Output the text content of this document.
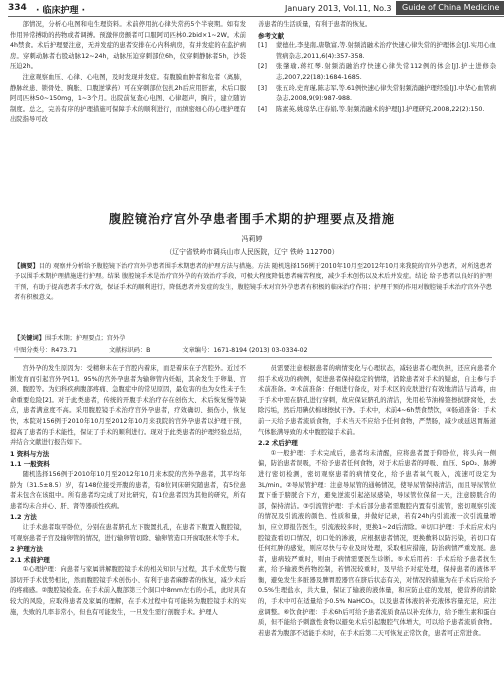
334 · 临床护理 ·	January 2013, Vol.11, No.3	Guide of China Medicine

部情况，分析心电图和电生理资料。术前停用抗心律失常药5个半衰期。如有发作用异常搏助的药物或者调搏。预激伴房颤者可口服阿司匹林0.2bid×1~2W。术前4h禁食。术后护理要注意，无并发症的患者安排在心内科病房，有并发症的在监护病房。穿刺动脉者右股动脉12~24h，动脉压迫穿刺部位6h，仪穿刺静脉者5h，沙袋压迫2h。

注意观察血压、心律、心电图，及时发现并发症。有腹膜血肿者和危者（离肺，静脉丝患、锁骨处、胸胀、口腹逆掌药）可在穿刺部位包扎2h后应用肝素，术后口服阿司匹林50~150mg，1~3个月。出院前复查心电图、心律超声，胸片，建立随访制度。总之，完善有序的护理措施可保障手术的顺利进行，而缜密细心的心理护理有出院指导可改

善患者的生活质量，有利于患者的恢复。

参考文献
[1]	蒙德仕,李斐南,唐敬富,等.射频消融术治疗快速心律失常的护理体会[J].实用心血管病杂志,2011,6(4):357-358.
[2]	张肇瑜,蒋红琴.射频消融治疗快速心律失常112例的体会[J].护士进修杂志,2007,22(18):1684-1685.
[3]	张五玲,史育瑾,陈志军,等.61例快速心律失常射频消融护理经验[J].中华心血管病杂志,2008,9(9):987-988.
[4]	陈素英,姚琼华,庄春娟,等.射频消融术的护理[J].护理研究,2008,22(2):150.
腹腔镜治疗宫外孕患者围手术期的护理要点及措施
冯莉婷
（辽宁省铁岭市调兵山市人民医院，辽宁 铁岭 112700）
【摘要】目的 观察并分析给予腹腔镜下治疗宫外孕患者围手术期患者的护理方法与措施。方法 随机选择156例于2010年10月至2012年10月来我院的宫外孕患者，对所选患者予以围手术期护理措施进行护理。结果 腹腔镜手术是治疗宫外孕的有效治疗手段，可极大程度降低患者痛苦程度，减少手术创伤以及术后并发症。结论 给予患者以良好的护理干预，有助于提高患者手术疗效，保证手术的顺利进行，降低患者并发症的发生，腹腔镜手术对宫外孕患者有积极的临床治疗作用；护理干预的作用对腹腔镜手术治疗宫外孕患者有积极意义。
【关键词】围手术期；护理要点；宫外孕
中图分类号：R473.71	文献标识码：B	文章编号：1671-8194 (2013) 03-0334-02

宫外孕的发生原因为：受精卵未在子宫腔内着床，而是着床在子宫腔外。近过不断发育而引起宫外孕[1]。95%的宫外孕患者为输卵管内妊娠，其余发生于卵巢、宫颈、腹腔等。为妇科疾病腹部疼痛、急腹症中的常见原因，最危害的也为女性未子生命重要危险[2]。对于此类患者，传统的开腹手术治疗存在创伤大、术后恢复慢等缺点，患者满意度不高。采用腹腔镜手术治疗宫外孕患者，疗效确切、损伤小，恢复快，本院对156例于2010年10月至2012年10月来我院的宫外孕患者以护理干预，提高了患者的手术能性，保证了手术的顺利进行。现对于此类患者的护理经验总结，并结合文献进行报告如下。

1 资料与方法
1.1 一般资料

随机选择156例于2010年10月至2012年10月来本院的宫外孕患者，其平均年龄为（31.5±8.5）岁，有148位接受开腹的患者，有8位同床研究随患者，有5位患者未包含在该组中。所有患者均完成了对比研究，有1位患者因为其他的研究，所有患者均未合并心、肝、肾等器质性疾病。

1.2 方法

让手术患者取平卧位，分别在患者脐孔左下腹置扎孔，在患者下腹置入腹腔镜，可观察患者子宫及输卵管的情况，进行输卵管切除、输卵管造口开窗取胚术等手术。

2 护理方法
2.1 术前护理

①心理护理：向患者与家属讲解腹腔镜手术的相关知识与过程，其手术优势与腹部切开手术优势相比，然而腹腔镜手术创伤小、有利于患者麻醉者的恢复，减少术后的疼痛感。②腹腔镜检查。在手术前入腹部第三个洞口中8mm左右的小孔，此时具有较大的风险，应取得患者及家属的理解，在手术过程中有可能转为腹腔镜手术的实施，失败的几率非常小，但也有可能发生，一旦发生需行剖腹手术。护理人

员需要注意根据患者的病情变化与心理状态，减轻患者心理负担，还应向患者介绍手术成功的病例，促进患者保持稳定的情绪，消除患者对手术的疑虑，自主参与手术前准备。②术前准备：仔细进行备皮，对手术区的皮肤进行有效地清洁与消毒，由于手术中需在脐孔进行穿刺，故应保证脐孔的清洁，先用松节油棉签擦拭脐窝处，去除污垢，然后用碘伏棉球擦拭干净。手术中，术前4~6h禁食禁饮，④肠道准备：手术前一天给予患者流质食物，手术当天不应给予任何食物，严禁肠，减少或延迟胃肠道气体胀满导致的术中腹腔镜手术前。

2.2 术后护理

①一般护理：手术完成后，患者均未清醒，应将患者置于仰卧位，将头向一侧偏，防治患者误吸，不给予患者任何食物，对于术后患者的呼吸、血压、SpO₂、脉搏进行密切检测，密切观察患者的病情变化，给予患者氧气吸入，流速可设定为3L/min。②导尿管护理：注意导尿管的通畅情况，使导尿管保持清洁，而且导尿管位置下垂于膀胱合下方，避免逆流引起泌尿感染，导尿管位保留一天，注意膀胱合的部，保持清洁。③引流管护理：手术后部分患者需腹腔内置有引流管，密切观察引流的情况及引流液的颜色、性质和量，并做好记录，若有24h内引流液一次引流量增加，应立即报告医生，引流液较多时，更换1~2d后清除。④切口护理：手术后应术内腔镜查看切口情况，切口处的渗液，应根据患者情况，更换敷料以防污染，若切口有任何红肿的感觉，则应尽快与专业及时处理，采取相应措施，防治病情严重发展。患者，患病较严重时，则由于病情需要医生诊断。⑤术后用药：手术后给予患者抗生素，给予输液类药物控制，若情况较重时，及早给予对症处理，保持患者的液体平衡，避免发生多脏器及脾胃腔器官在脐后状态有关，对情况的措施为在手术后应给予0.5%生理盐水，共大量，保证了输液的液体量，和应防止症的发展，使营养的清除的，手术中可在适量给予0.5% NaHCO₃，以及患者体液的补充液体容量充足，应注意调整。⑥饮食护理：手术6h后可给予患者流质食品以补充体力，给予维生素和蛋白质，但不能给予刺激性食物以避免术后引起腹腔气体增大，可以给予患者流质食物。若患者为腹部不适能手术时，在手术后第二天可恢复正常饮食，患者可正常进食。
